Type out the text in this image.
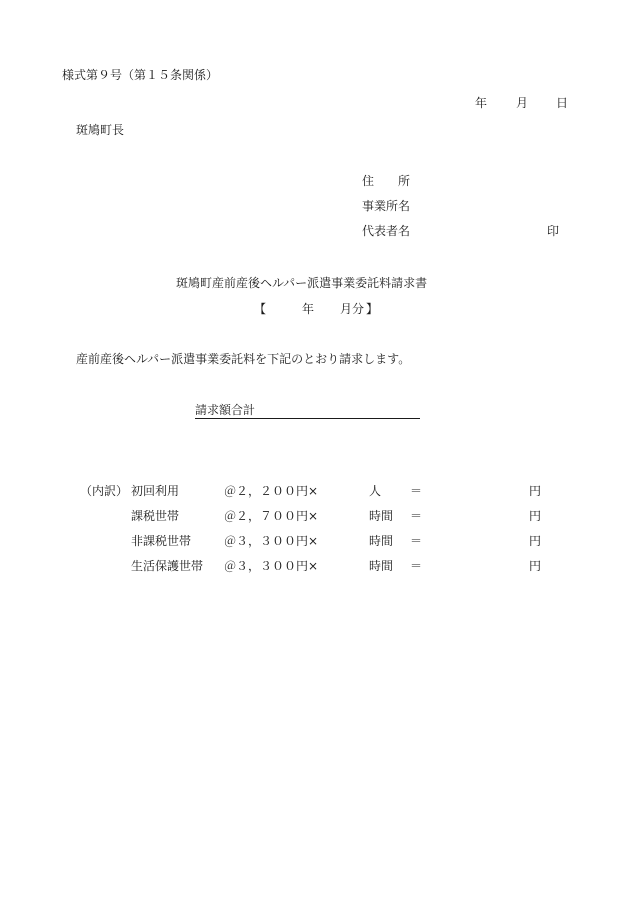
様式第９号（第１５条関係）
年 月 日
斑鳩町長
住　　所
事業所名
代表者名	印
斑鳩町産前産後ヘルパー派遣事業委託料請求書
【	年 月分 】
産前産後ヘルパー派遣事業委託料を下記のとおり請求します。
請求額合計
（内訳） 初回利用	＠２，２００円×	人 ＝	円
課税世帯	＠２，７００円×	時間 ＝	円
非課税世帯	＠３，３００円×	時間 ＝	円
生活保護世帯 ＠３，３００円×	時間 ＝	円
